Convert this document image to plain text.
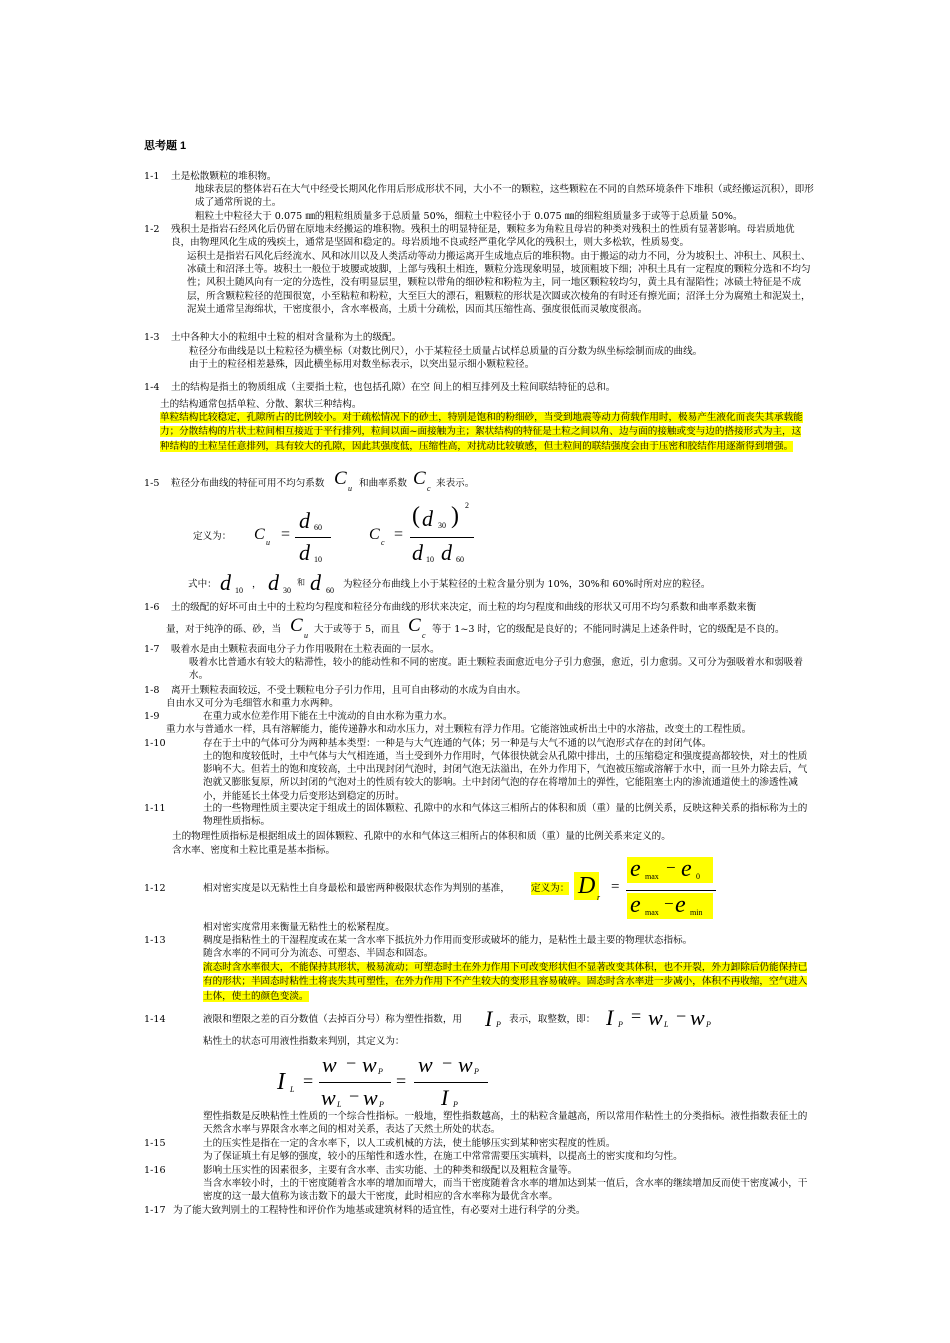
思考题 1
1-1 土是松散颗粒的堆积物。
地球表层的整体岩石在大气中经受长期风化作用后形成形状不同，大小不一的颗粒，这些颗粒在不同的自然环境条件下堆积（或经搬运沉积），即形成了通常所说的土。
粗粒土中粒径大于 0.075 ㎜的粗粒组质量多于总质量 50%，细粒土中粒径小于 0.075 ㎜的细粒组质量多于或等于总质量 50%。
1-2 残积土是指岩石经风化后仍留在原地未经搬运的堆积物。残积土的明显特征是，颗粒多为角粒且母岩的种类对残积土的性质有显著影响。母岩质地优良，由物理风化生成的残疾土，通常是坚固和稳定的。母岩质地不良或经严重化学风化的残积土，则大多松软，性质易变。
运积土是指岩石风化后经流水、风和冰川以及人类活动等动力搬运离开生成地点后的堆积物。由于搬运的动力不同，分为坡积土、冲积土、风积土、冰碛土和沼泽土等。坡积土一般位于坡腰或坡脚，上部与残积土相连，颗粒分选现象明显，坡顶粗坡下细；冲积土具有一定程度的颗粒分选和不均匀性；风积土随风向有一定的分选性，没有明显层里，颗粒以带角的细砂粒和粉粒为主，同一地区颗粒较均匀，黄土具有湿陷性；冰碛土特征是不成层，所含颗粒粒径的范围很宽，小至粘粒和粉粒，大至巨大的漂石，粗颗粒的形状是次圆或次棱角的有时还有擦光面；沼泽土分为腐殖土和泥炭土，泥炭土通常呈海绵状，干密度很小，含水率极高，土质十分疏松，因而其压缩性高、强度很低而灵敏度很高。
1-3 土中各种大小的粒组中土粒的相对含量称为土的级配。
粒径分布曲线是以土粒粒径为横坐标（对数比例尺），小于某粒径土质量占试样总质量的百分数为纵坐标绘制而成的曲线。
由于土的粒径相差悬殊，因此横坐标用对数坐标表示，以突出显示细小颗粒粒径。
1-4 土的结构是指土的物质组成（主要指土粒，也包括孔隙）在空 间上的相互排列及土粒间联结特征的总和。
土的结构通常包括单粒、分散、絮状三种结构。
单粒结构比较稳定，孔隙所占的比例较小。对于疏松情况下的砂土，特别是饱和的粉细砂，当受到地震等动力荷载作用时，极易产生液化而丧失其承载能力；分散结构的片状土粒间相互接近于平行排列，粒间以面~面接触为主；絮状结构的特征是土粒之间以角、边与面的接触或变与边的搭接形式为主，这种结构的土粒呈任意排列，具有较大的孔隙，因此其强度低，压缩性高，对扰动比较敏感，但土粒间的联结强度会由于压密和胶结作用逐渐得到增强。
1-5 粒径分布曲线的特征可用不均匀系数 C u 和曲率系数 C c 来表示。
定义为： C u =
d 60
d 10
C c =
( d 30 ) 2
d 10 d 60
式中： d 10
， d 30
和 d 60
为粒径分布曲线上小于某粒径的土粒含量分别为 10%，30%和 60%时所对应的粒径。
1-6 土的级配的好坏可由土中的土粒均匀程度和粒径分布曲线的形状来决定，而土粒的均匀程度和曲线的形状又可用不均匀系数和曲率系数来衡
量，对于纯净的砾、砂，当 C u
大于或等于 5，而且 C c
等于 1~3 时，它的级配是良好的；不能同时满足上述条件时，它的级配是不良的。
1-7 吸着水是由土颗粒表面电分子力作用吸附在土粒表面的一层水。
吸着水比普通水有较大的粘滞性，较小的能动性和不同的密度。距土颗粒表面愈近电分子引力愈强，愈近，引力愈弱。又可分为强吸着水和弱吸着水。
1-8 离开土颗粒表面较远，不受土颗粒电分子引力作用，且可自由移动的水成为自由水。
自由水又可分为毛细管水和重力水两种。
1-9	在重力或水位差作用下能在土中流动的自由水称为重力水。
重力水与普通水一样，具有溶解能力，能传递静水和动水压力，对土颗粒有浮力作用。它能溶蚀或析出土中的水溶盐，改变土的工程性质。
1-10	存在于土中的气体可分为两种基本类型：一种是与大气连通的气体；另一种是与大气不通的以气泡形式存在的封闭气体。
土的饱和度较低时，土中气体与大气相连通，当土受到外力作用时，气体很快就会从孔隙中排出，土的压缩稳定和强度提高都较快，对土的性质影响不大。但若土的饱和度较高，土中出现封闭气泡时，封闭气泡无法溢出，在外力作用下，气泡被压缩或溶解于水中，而一旦外力除去后，气泡就又膨胀复原，所以封闭的气泡对土的性质有较大的影响。土中封闭气泡的存在将增加土的弹性，它能阻塞土内的渗流通道使土的渗透性减小，并能延长土体受力后变形达到稳定的历时。
1-11	土的一些物理性质主要决定于组成土的固体颗粒、孔隙中的水和气体这三相所占的体积和质（重）量的比例关系，反映这种关系的指标称为土的物理性质指标。
土的物理性质指标是根据组成土的固体颗粒、孔隙中的水和气体这三相所占的体积和质（重）量的比例关系来定义的。
含水率、密度和土粒比重是基本指标。
1-12	相对密实度是以无粘性土自身最松和最密两种极限状态作为判别的基准， 定义为： D r
=

e max − e 0

e max − e min
相对密实度常用来衡量无粘性土的松紧程度。
1-13	稠度是指粘性土的干湿程度或在某一含水率下抵抗外力作用而变形或破坏的能力，是粘性土最主要的物理状态指标。
随含水率的不同可分为流态、可塑态、半固态和固态。
流态时含水率很大，不能保持其形状，极易流动；可塑态时土在外力作用下可改变形状但不显著改变其体积，也不开裂，外力卸除后仍能保持已有的形状；半固态时粘性土将丧失其可塑性，在外力作用下不产生较大的变形且容易破碎。固态时含水率进一步减小，体积不再收缩，空气进入土体，使土的颜色变淡。
1-14	液限和塑限之差的百分数值（去掉百分号）称为塑性指数，用 I P 表示，取整数，即： I P = w L − w P
粘性土的状态可用液性指数来判别，其定义为：
I L =
w − w P
w L − w P
=
w − w P
I P
塑性指数是反映粘性土性质的一个综合性指标。一般地，塑性指数越高，土的粘粒含量越高，所以常用作粘性土的分类指标。液性指数表征土的天然含水率与界限含水率之间的相对关系，表达了天然土所处的状态。
1-15	土的压实性是指在一定的含水率下，以人工或机械的方法，使土能够压实到某种密实程度的性质。
为了保证填土有足够的强度，较小的压缩性和透水性，在施工中常常需要压实填料，以提高土的密实度和均匀性。
1-16	影响土压实性的因素很多，主要有含水率、击实功能、土的种类和级配以及粗粒含量等。
当含水率较小时，土的干密度随着含水率的增加而增大，而当干密度随着含水率的增加达到某一值后，含水率的继续增加反而使干密度减小，干密度的这一最大值称为该击数下的最大干密度，此时相应的含水率称为最优含水率。
1-17 为了能大致判别土的工程特性和评价作为地基或建筑材料的适宜性，有必要对土进行科学的分类。
